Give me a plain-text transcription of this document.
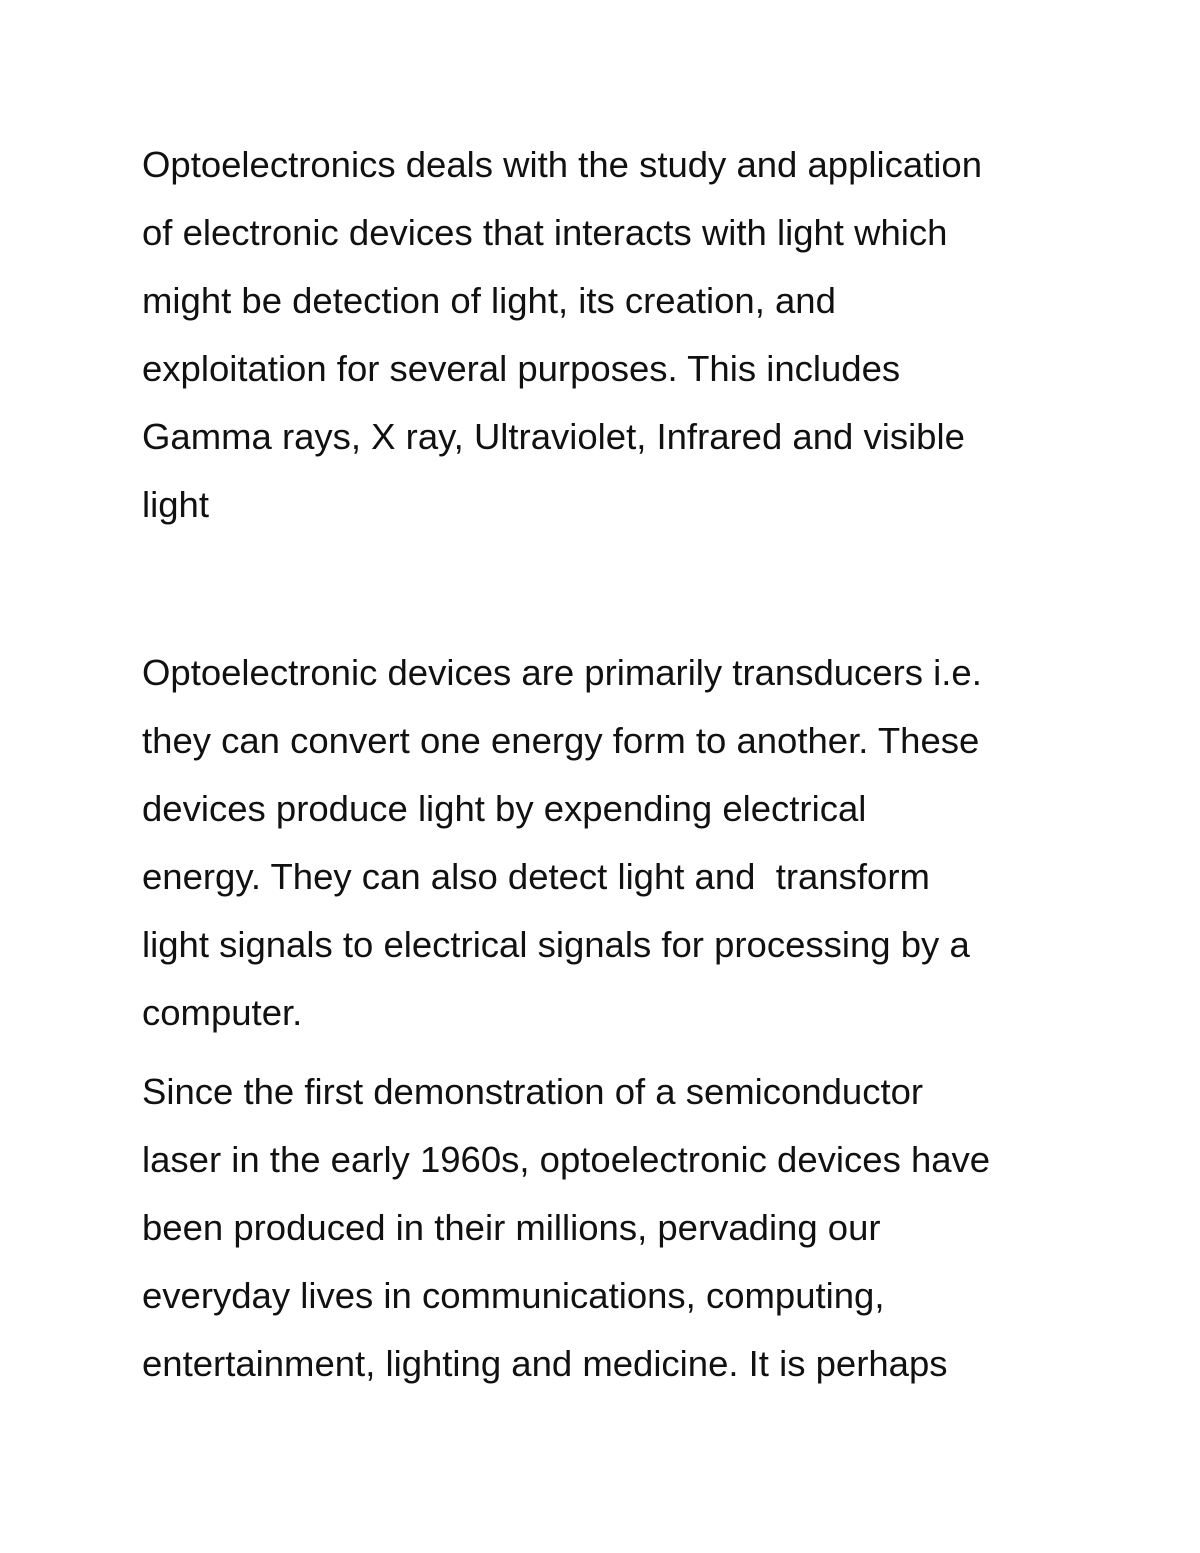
Optoelectronics deals with the study and application
of electronic devices that interacts with light which
might be detection of light, its creation, and
exploitation for several purposes. This includes
Gamma rays, X ray, Ultraviolet, Infrared and visible
light

Optoelectronic devices are primarily transducers i.e.
they can convert one energy form to another. These
devices produce light by expending electrical
energy. They can also detect light and  transform
light signals to electrical signals for processing by a
computer.

Since the first demonstration of a semiconductor
laser in the early 1960s, optoelectronic devices have
been produced in their millions, pervading our
everyday lives in communications, computing,
entertainment, lighting and medicine. It is perhaps
